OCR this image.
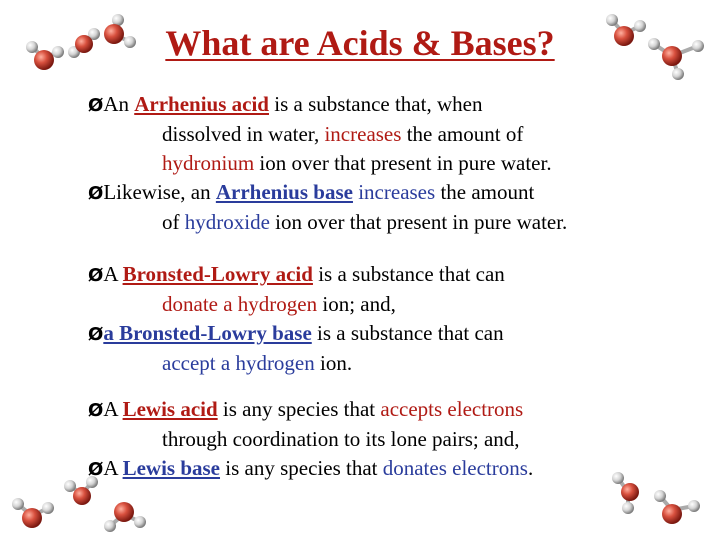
What are Acids & Bases?

ØAn Arrhenius acid is a substance that, when

dissolved in water, increases the amount of

hydronium ion over that present in pure water.

ØLikewise, an Arrhenius base increases the amount

of hydroxide ion over that present in pure water.

ØA Bronsted-Lowry acid is a substance that can

donate a hydrogen ion; and,

Øa Bronsted-Lowry base is a substance that can

accept a hydrogen ion.

ØA Lewis acid is any species that accepts electrons

through coordination to its lone pairs; and,

ØA Lewis base is any species that donates electrons.
